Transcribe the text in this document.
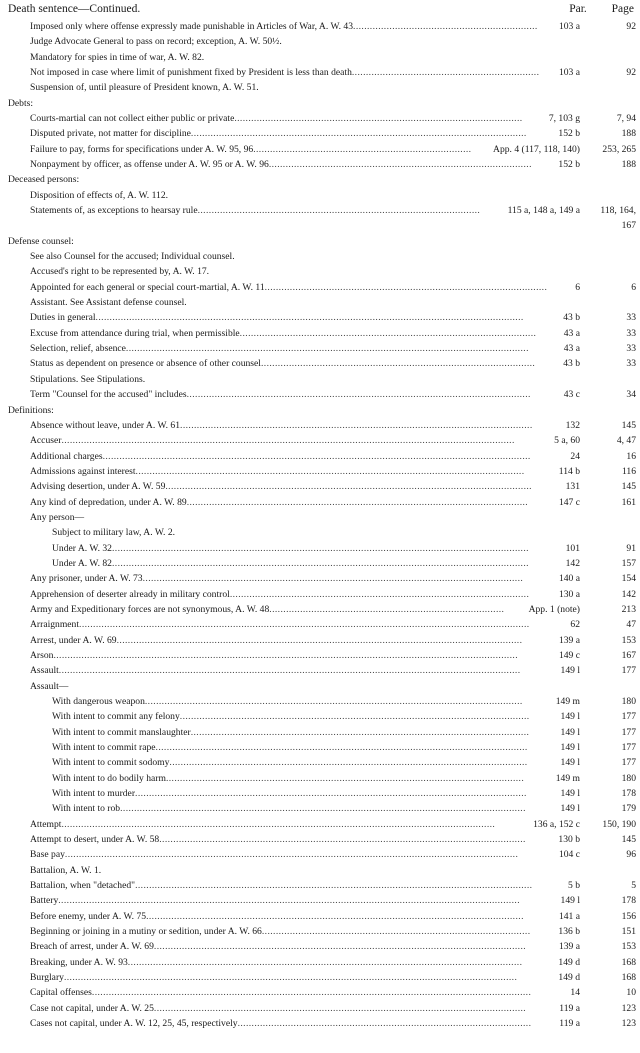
Death sentence—Continued.	Par.	Page
Imposed only where offense expressly made punishable in Articles of War, A. W. 43.................................................................. 103 a	92
Judge Advocate General to pass on record; exception, A. W. 50½.
Mandatory for spies in time of war, A. W. 82.
Not imposed in case where limit of punishment fixed by President is less than death................................................................... 103 a	92
Suspension of, until pleasure of President known, A. W. 51.
Debts:
Courts-martial can not collect either public or private.......................................................................................................	7, 103 g	7, 94
Disputed private, not matter for discipline........................................................................................................................	152 b	188
Failure to pay, forms for specifications under A. W. 95, 96.............................................................................. App. 4 (117, 118, 140)	253, 265
Nonpayment by officer, as offense under A. W. 95 or A. W. 96..............................................................................................	152 b	188
Deceased persons:
Disposition of effects of, A. W. 112.
Statements of, as exceptions to hearsay rule.....................................................................................................	115 a, 148 a, 149 a	118, 164,
167
Defense counsel:
See also Counsel for the accused; Individual counsel.
Accused's right to be represented by, A. W. 17.
Appointed for each general or special court-martial, A. W. 11.....................................................................................................	6	6
Assistant. See Assistant defense counsel.
Duties in general.........................................................................................................................................................	43 b	33
Excuse from attendance during trial, when permissible..........................................................................................................	43 a	33
Selection, relief, absence................................................................................................................................................	43 a	33
Status as dependent on presence or absence of other counsel..................................................................................................	43 b	33
Stipulations. See Stipulations.
Term "Counsel for the accused" includes...........................................................................................................................	43 c	34
Definitions:
Absence without leave, under A. W. 61..............................................................................................................................	132	145
Accuser..................................................................................................................................................................	5 a, 60	4, 47
Additional charges.........................................................................................................................................................	24	16
Admissions against interest...........................................................................................................................................	114 b	116
Advising desertion, under A. W. 59...................................................................................................................................	131	145
Any kind of depredation, under A. W. 89..........................................................................................................................	147 c	161
Any person—
Subject to military law, A. W. 2.
Under A. W. 32.....................................................................................................................................................	101	91
Under A. W. 82.....................................................................................................................................................	142	157
Any prisoner, under A. W. 73........................................................................................................................................	140 a	154
Apprehension of deserter already in military control...........................................................................................................	130 a	142
Army and Expeditionary forces are not synonymous, A. W. 48....................................................................................	App. 1 (note)	213
Arraignment.................................................................................................................................................................	62	47
Arrest, under A. W. 69.................................................................................................................................................	139 a	153
Arson......................................................................................................................................................................	149 c	167
Assault.....................................................................................................................................................................	149 l	177
Assault—
With dangerous weapon.......................................................................................................................................	149 m	180
With intent to commit any felony.............................................................................................................................	149 l	177
With intent to commit manslaughter.........................................................................................................................	149 l	177
With intent to commit rape.....................................................................................................................................	149 l	177
With intent to commit sodomy................................................................................................................................	149 l	177
With intent to do bodily harm................................................................................................................................	149 m	180
With intent to murder............................................................................................................................................	149 l	178
With intent to rob.................................................................................................................................................	149 l	179
Attempt...........................................................................................................................................................	136 a, 152 c	150, 190
Attempt to desert, under A. W. 58...................................................................................................................................	130 b	145
Base pay..................................................................................................................................................................	104 c	96
Battalion, A. W. 1.
Battalion, when "detached"..............................................................................................................................................	5 b	5
Battery.....................................................................................................................................................................	149 l	178
Before enemy, under A. W. 75.......................................................................................................................................	141 a	156
Beginning or joining in a mutiny or sedition, under A. W. 66................................................................................................	136 b	151
Breach of arrest, under A. W. 69.....................................................................................................................................	139 a	153
Breaking, under A. W. 93.............................................................................................................................................	149 d	168
Burglary..................................................................................................................................................................	149 d	168
Capital offenses.............................................................................................................................................................	14	10
Case not capital, under A. W. 25.....................................................................................................................................	119 a	123
Cases not capital, under A. W. 12, 25, 45, respectively.........................................................................................................	119 a	123
